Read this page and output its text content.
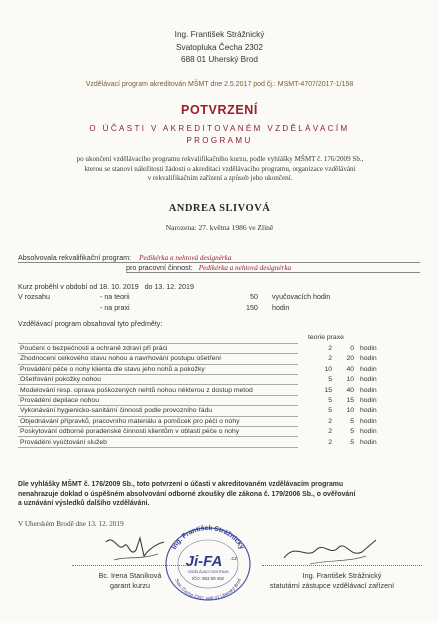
Ing. František Strážnický
Svatopluka Čecha 2302
688 01 Uherský Brod
Vzdělávací program akreditován MŠMT dne 2.5.2017 pod čj.: MSMT-4707/2017-1/158
POTVRZENÍ
O ÚČASTI V AKREDITOVANÉM VZDĚLÁVACÍM
PROGRAMU
po ukončení vzdělávacího programu rekvalifikačního kurzu, podle vyhlášky MŠMT č. 176/2009 Sb.,
kterou se stanoví náležitosti žádosti o akreditaci vzdělávacího programu, organizace vzdělávání
v rekvalifikačním zařízení a způsob jeho ukončení.
ANDREA SLIVOVÁ
Narozena: 27. května 1986 ve Zlíně
Absolvovala rekvalifikační program: Pedikérka a nehtová designérka
pro pracovní činnost: Pedikérka a nehtová designérka
Kurz proběhl v období od 18. 10. 2019   do 13. 12. 2019
V rozsahu	- na teorii	50 vyučovacích hodin
- na praxi	150 hodin
Vzdělávací program obsahoval tyto předměty:
teorie praxe
Poučení o bezpečnosti a ochraně zdraví při práci	2	0 hodin
Zhodnocení celkového stavu nohou a navrhování postupu ošetření	2	20 hodin
Provádění péče o nohy klienta dle stavu jeho nohů a pokožky	10	40 hodin
Ošetřování pokožky nohou	5	10 hodin
Modelování resp. oprava poškozených nehtů nohou některou z dostup metod	15	40 hodin
Provádění depilace nohou	5	15 hodin
Vykonávání hygienicko-sanitární činnosti podle provozního řádu	5	10 hodin
Objednávání přípravků, pracovního materiálu a pomůcek pro péči o nohy	2	5 hodin
Poskytování odborné poradenské činnosti klientům v oblasti péče o nohy	2	5 hodin
Provádění vyúčtování služeb	2	5 hodin
Dle vyhlášky MŠMT č. 176/2009 Sb., toto potvrzení o účasti v akreditovaném vzdělávacím programu
nenahrazuje doklad o úspěšném absolvování odborné zkoušky dle zákona č. 179/2006 Sb., o ověřování
a uznávání výsledků dalšího vzdělávání.
V Uherském Brodě dne 13. 12. 2019
Bc. Irena Staníková
garant kurzu
Ing. František Strážnický
Svat. Čecha 2302, 688 01 Uherský Brod
Ji-FA .cz
VZDĚLÁVACÍ CENTRUM
IČO: 883 59 492	Ing. František Strážnický
statutární zástupce vzdělávací zařízení
